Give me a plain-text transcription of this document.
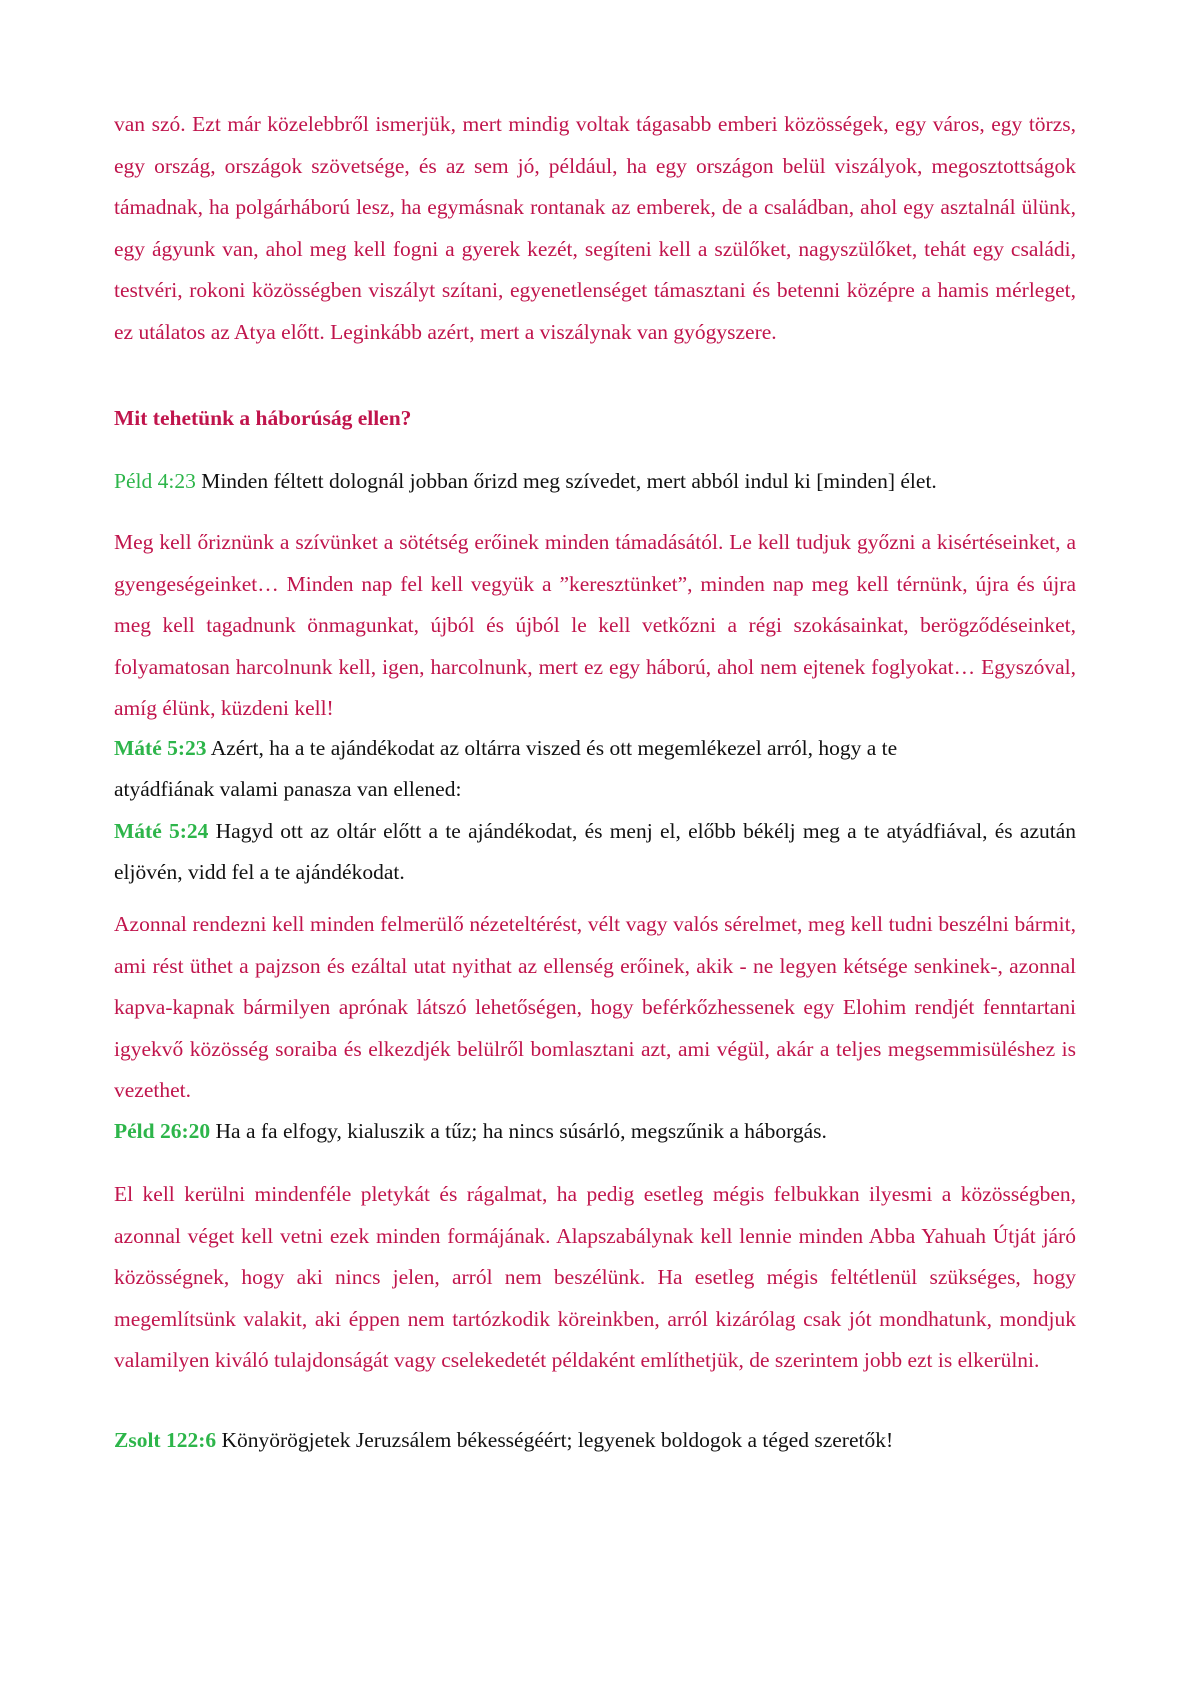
van szó. Ezt már közelebbről ismerjük, mert mindig voltak tágasabb emberi közösségek, egy város, egy törzs, egy ország, országok szövetsége, és az sem jó, például, ha egy országon belül viszályok, megosztottságok támadnak, ha polgárháború lesz, ha egymásnak rontanak az emberek, de a családban, ahol egy asztalnál ülünk, egy ágyunk van, ahol meg kell fogni a gyerek kezét, segíteni kell a szülőket, nagyszülőket, tehát egy családi, testvéri, rokoni közösségben viszályt szítani, egyenetlenséget támasztani és betenni középre a hamis mérleget, ez utálatos az Atya előtt. Leginkább azért, mert a viszálynak van gyógyszere.

Mit tehetünk a háborúság ellen?

Péld 4:23 Minden féltett dolognál jobban őrizd meg szívedet, mert abból indul ki [minden] élet.

Meg kell őriznünk a szívünket a sötétség erőinek minden támadásától. Le kell tudjuk győzni a kisértéseinket, a gyengeségeinket… Minden nap fel kell vegyük a ”keresztünket”, minden nap meg kell térnünk, újra és újra meg kell tagadnunk önmagunkat, újból és újból le kell vetkőzni a régi szokásainkat, berögződéseinket, folyamatosan harcolnunk kell, igen, harcolnunk, mert ez egy háború, ahol nem ejtenek foglyokat… Egyszóval, amíg élünk, küzdeni kell!

Máté 5:23 Azért, ha a te ajándékodat az oltárra viszed és ott megemlékezel arról, hogy a te
atyádfiának valami panasza van ellened:

Máté 5:24 Hagyd ott az oltár előtt a te ajándékodat, és menj el, előbb békélj meg a te atyádfiával, és azután eljövén, vidd fel a te ajándékodat.

Azonnal rendezni kell minden felmerülő nézeteltérést, vélt vagy valós sérelmet, meg kell tudni beszélni bármit, ami rést üthet a pajzson és ezáltal utat nyithat az ellenség erőinek, akik - ne legyen kétsége senkinek-, azonnal kapva-kapnak bármilyen aprónak látszó lehetőségen, hogy beférkőzhessenek egy Elohim rendjét fenntartani igyekvő közösség soraiba és elkezdjék belülről bomlasztani azt, ami végül, akár a teljes megsemmisüléshez is vezethet.

Péld 26:20 Ha a fa elfogy, kialuszik a tűz; ha nincs súsárló, megszűnik a háborgás.

El kell kerülni mindenféle pletykát és rágalmat, ha pedig esetleg mégis felbukkan ilyesmi a közösségben, azonnal véget kell vetni ezek minden formájának. Alapszabálynak kell lennie minden Abba Yahuah Útját járó közösségnek, hogy aki nincs jelen, arról nem beszélünk. Ha esetleg mégis feltétlenül szükséges, hogy megemlítsünk valakit, aki éppen nem tartózkodik köreinkben, arról kizárólag csak jót mondhatunk, mondjuk valamilyen kiváló tulajdonságát vagy cselekedetét példaként említhetjük, de szerintem jobb ezt is elkerülni.

Zsolt 122:6 Könyörögjetek Jeruzsálem békességéért; legyenek boldogok a téged szeretők!
